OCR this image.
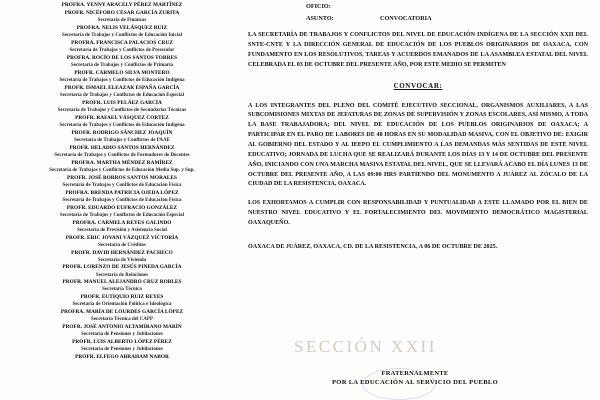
PROFRA. YENNY ARACELY PÉREZ MARTÍNEZ
PROFR. NICÉFORO CÉSAR GARCÍA ZURITA
Secretaría de Finanzas
PROFRA. NELIS VELÁSQUEZ RUIZ
Secretaría de Trabajos y Conflictos de Educación Inicial
PROFRA. FRANCISCA PALACIOS CRUZ
Secretaría de Trabajos y Conflictos de Preescolar
PROFRA. ROCÍO DE LOS SANTOS TORRES
Secretaría de Trabajos y Conflictos de Primaria
PROFR. CARMELO SILVA MONTERO
Secretaría de Trabajos y Conflictos de Educación Indígena
PROFR. ISMAEL ELEAZAR ESPAÑA GARCÍA
Secretaría de Trabajos y Conflictos de Educación Especial
PROFR. LUIS PELÁEZ GARCÍA
Secretaría de Trabajos y Conflictos de Secundarias Técnicas
PROFR. RAFAEL VÁSQUEZ CORTEZ
Secretaría de Trabajos y Conflictos de Educación Indígena
PROFR. RODRIGO SÁNCHEZ JOAQUÍN
Secretaría de Trabajos y Conflictos de PAAE
PROFR. HELADIO SANTOS HERNÁNDEZ
Secretaría de Trabajos y Conflictos de Formadores de Docentes
PROFRA. MARTHA MÉNDEZ RAMÍREZ
Secretaría de Trabajos y Conflictos de Educación Media Sup. y Sup.
PROFR. JOSÉ BORROS SANTOS MORALES
Secretaría de Trabajos y Conflictos de Educación Física
PROFRA. BRENDA PATRICIA OJEDA LÓPEZ
Secretaría de Trabajos y Conflictos de Educación Física
PROFR. EDUARDO EUFRACIO GONZÁLEZ
Secretaría de Trabajos y Conflictos de Educación Especial
PROFRA. CARMELA REYES GALINDO
Secretaría de Previsión y Asistencia Social
PROFR. ERIC JOVANI VÁZQUEZ VICTORIA
Secretaría de Créditos
PROFR. DAVID HERNÁNDEZ PACHECO
Secretaría de Vivienda
PROFR. LORENZO DE JESÚS PINEDA GARCÍA
Secretaría de Relaciones
PROFR. MANUEL ALEJANDRO CRUZ ROBLES
Secretaría Técnica
PROFR. EUTIQUIO RUIZ REYES
Secretaría de Orientación Política e Ideológica
PROFRA. MARÍA DE LOURDES GARCÍA LÓPEZ
Secretaría Técnica del CAPP
PROFR. JOSÉ ANTONIO ALTAMIRANO MARÍN
Secretaría de Pensiones y Jubilaciones
PROFR. LUIS ALBERTO LÓPEZ PÉREZ
Secretaría de Pensiones y Jubilaciones
PROFR. ELFEGO ABRAHAM NABOR
OFICIO:
ASUNTO:	CONVOCATORIA

LA SECRETARÍA DE TRABAJOS Y CONFLICTOS DEL NIVEL DE EDUCACIÓN INDÍGENA DE LA SECCIÓN XXII DEL SNTE-CNTE Y LA DIRECCIÓN GENERAL DE EDUCACIÓN DE LOS PUEBLOS ORIGINARIOS DE OAXACA, CON FUNDAMENTO EN LOS RESOLUTIVOS, TAREAS Y ACUERDOS EMANADOS DE LA ASAMBLEA ESTATAL DEL NIVEL CELEBRADA EL 03 DE OCTUBRE DEL PRESENTE AÑO, POR ESTE MEDIO SE PERMITEN

CONVOCAR:

A LOS INTEGRANTES DEL PLENO DEL COMITÉ EJECUTIVO SECCIONAL, ORGANISMOS AUXILIARES, A LAS SUBCOMISIONES MIXTAS DE JEFATURAS DE ZONAS DE SUPERVISIÓN Y ZONAS ESCOLARES, ASÍ MISMO, A TODA LA BASE TRABAJADORA; DEL NIVEL DE EDUCACIÓN DE LOS PUEBLOS ORIGINARIOS DE OAXACA; A PARTICIPAR EN EL PARO DE LABORES DE 48 HORAS EN SU MODALIDAD MASIVA, CON EL OBJETIVO DE: EXIGIR AL GOBIERNO DEL ESTADO Y AL IEEPO EL CUMPLIMIENTO A LAS DEMANDAS MÁS SENTIDAS DE ESTE NIVEL EDUCATIVO; JORNADA DE LUCHA QUE SE REALIZARÁ DURANTE LOS DÍAS 13 Y 14 DE OCTUBRE DEL PRESENTE AÑO, INICIANDO CON UNA MARCHA MASIVA ESTATAL DEL NIVEL, QUE SE LLEVARÁ ACABO EL DÍA LUNES 13 DE OCTUBRE DEL PRESENTE AÑO, A LAS 09:00 HRS PARTIENDO DEL MONUMENTO A JUÁREZ AL ZÓCALO DE LA CIUDAD DE LA RESISTENCIA, OAXACA.

LOS EXHORTAMOS A CUMPLIR CON RESPONSABILIDAD Y PUNTUALIDAD A ESTE LLAMADO POR EL BIEN DE NUESTRO NIVEL EDUCATIVO Y EL FORTALECIMIENTO DEL MOVIMIENTO DEMOCRÁTICO MAGISTERIAL OAXAQUEÑO.

OAXACA DE JUÁREZ, OAXACA, CD. DE LA RESISTENCIA, A 06 DE OCTUBRE DE 2025.
SECCIÓN XXII
FRATERNALMENTE
POR LA EDUCACIÓN AL SERVICIO DEL PUEBLO
